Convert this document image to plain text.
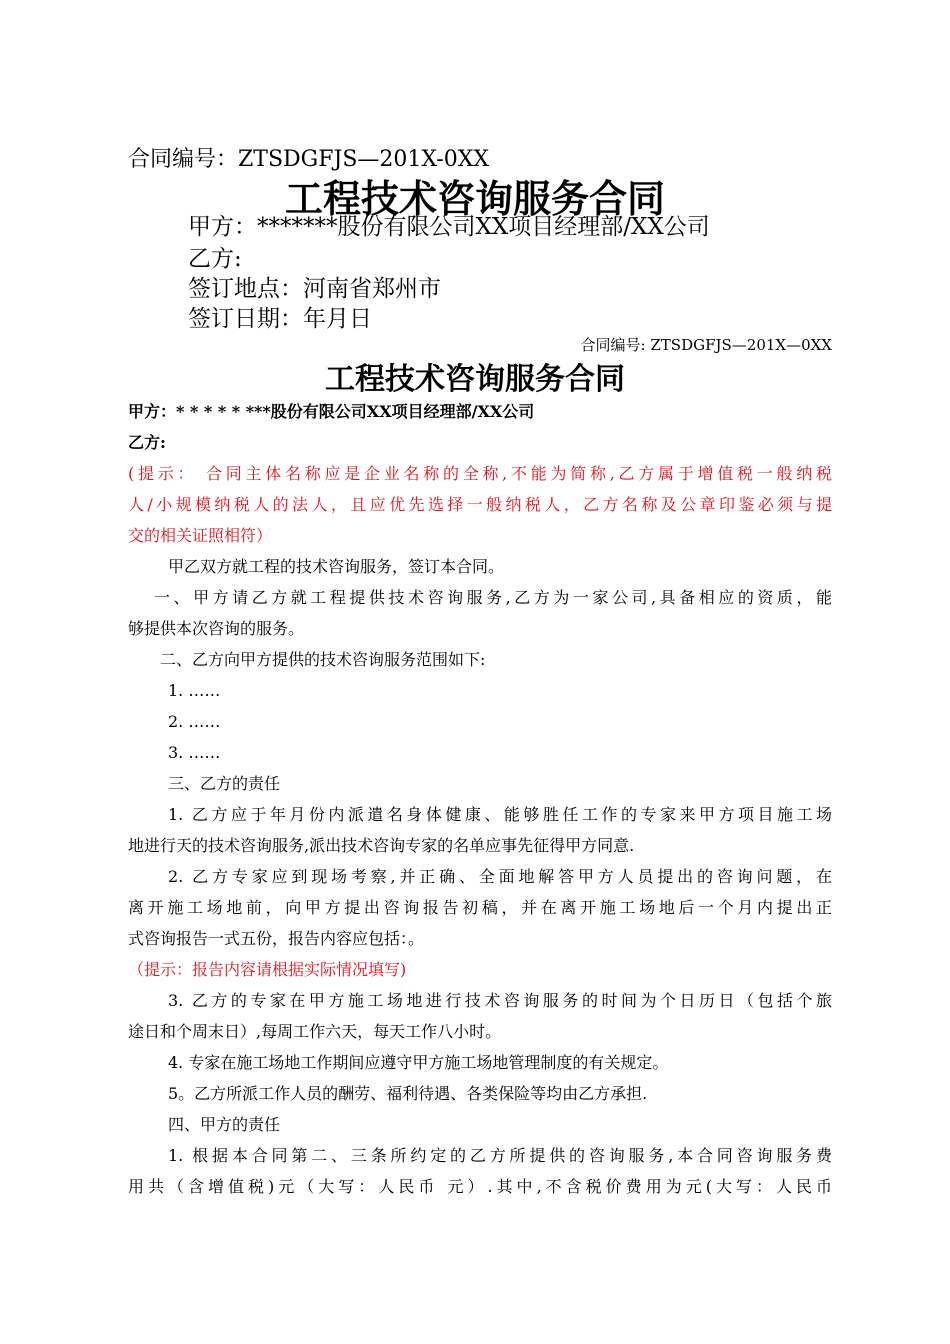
合同编号：ZTSDGFJS—201X-0XX
工程技术咨询服务合同
甲方：*******股份有限公司XX项目经理部/XX公司
乙方:
签订地点：河南省郑州市
签订日期：年月日
合同编号: ZTSDGFJS—201X—0XX
工程技术咨询服务合同
甲方：* * * * * ***股份有限公司XX项目经理部/XX公司
乙方:
(提示： 合同主体名称应是企业名称的全称,不能为简称,乙方属于增值税一般纳税
人/小规模纳税人的法人，且应优先选择一般纳税人，乙方名称及公章印鉴必须与提
交的相关证照相符）
甲乙双方就工程的技术咨询服务，签订本合同。
一、甲方请乙方就工程提供技术咨询服务,乙方为一家公司,具备相应的资质，能
够提供本次咨询的服务。
二、乙方向甲方提供的技术咨询服务范围如下:
1. ……
2. ……
3. ……
三、乙方的责任
1. 乙方应于年月份内派遣名身体健康、能够胜任工作的专家来甲方项目施工场
地进行天的技术咨询服务,派出技术咨询专家的名单应事先征得甲方同意.
2. 乙方专家应到现场考察,并正确、全面地解答甲方人员提出的咨询问题，在
离开施工场地前，向甲方提出咨询报告初稿，并在离开施工场地后一个月内提出正
式咨询报告一式五份，报告内容应包括：。
（提示：报告内容请根据实际情况填写)
3. 乙方的专家在甲方施工场地进行技术咨询服务的时间为个日历日（包括个旅
途日和个周末日）,每周工作六天，每天工作八小时。
4. 专家在施工场地工作期间应遵守甲方施工场地管理制度的有关规定。
5。乙方所派工作人员的酬劳、福利待遇、各类保险等均由乙方承担.
四、甲方的责任
1. 根据本合同第二、三条所约定的乙方所提供的咨询服务,本合同咨询服务费
用共（含增值税)元（大写：人民币 元）.其中,不含税价费用为元(大写：人民币
